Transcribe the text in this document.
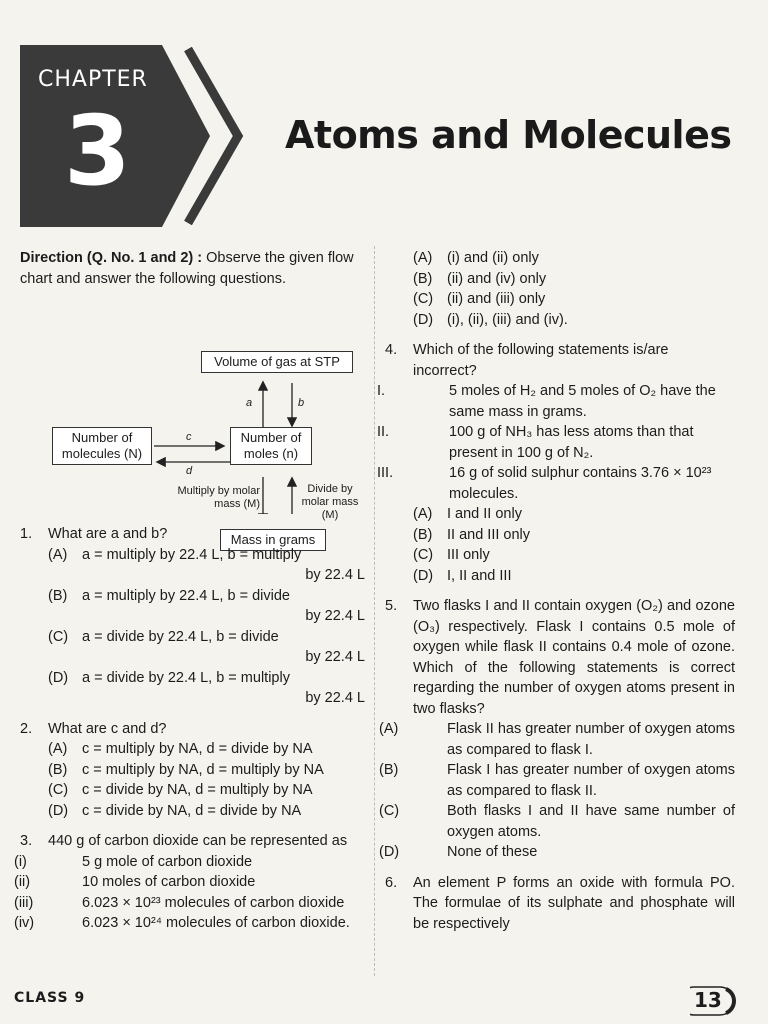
CHAPTER
3	Atoms and Molecules
Direction (Q. No. 1 and 2) : Observe the given flow chart and answer the following questions.
Volume of gas at STP
Number of molecules (N)
Number of moles (n)
Mass in grams
a	b
c
d
Multiply by molar mass (M)
Divide by molar mass (M)
1.	What are a and b?
(A) a = multiply by 22.4 L, b = multiply
by 22.4 L
(B) a = multiply by 22.4 L, b = divide
by 22.4 L
(C) a = divide by 22.4 L, b = divide
by 22.4 L
(D) a = divide by 22.4 L, b = multiply
by 22.4 L
2.	What are c and d?
(A) c = multiply by NA, d = divide by NA
(B) c = multiply by NA, d = multiply by NA
(C) c = divide by NA, d = multiply by NA
(D) c = divide by NA, d = divide by NA
3.	440 g of carbon dioxide can be represented as
(i)	5 g mole of carbon dioxide
(ii)	10 moles of carbon dioxide
(iii)	6.023 × 10²³ molecules of carbon dioxide
(iv)	6.023 × 10²⁴ molecules of carbon dioxide.
(A) (i) and (ii) only
(B) (ii) and (iv) only
(C) (ii) and (iii) only
(D) (i), (ii), (iii) and (iv).
4.	Which of the following statements is/are incorrect?
I.	5 moles of H₂ and 5 moles of O₂ have the same mass in grams.
II.	100 g of NH₃ has less atoms than that present in 100 g of N₂.
III.	16 g of solid sulphur contains 3.76 × 10²³ molecules.
(A) I and II only
(B) II and III only
(C) III only
(D) I, II and III
5.	Two flasks I and II contain oxygen (O₂) and ozone (O₃) respectively. Flask I contains 0.5 mole of oxygen while flask II contains 0.4 mole of ozone. Which of the following statements is correct regarding the number of oxygen atoms present in two flasks?
(A)	Flask II has greater number of oxygen atoms as compared to flask I.
(B)	Flask I has greater number of oxygen atoms as compared to flask II.
(C)	Both flasks I and II have same number of oxygen atoms.
(D)	None of these
6.	An element P forms an oxide with formula PO. The formulae of its sulphate and phosphate will be respectively
CLASS 9	13
